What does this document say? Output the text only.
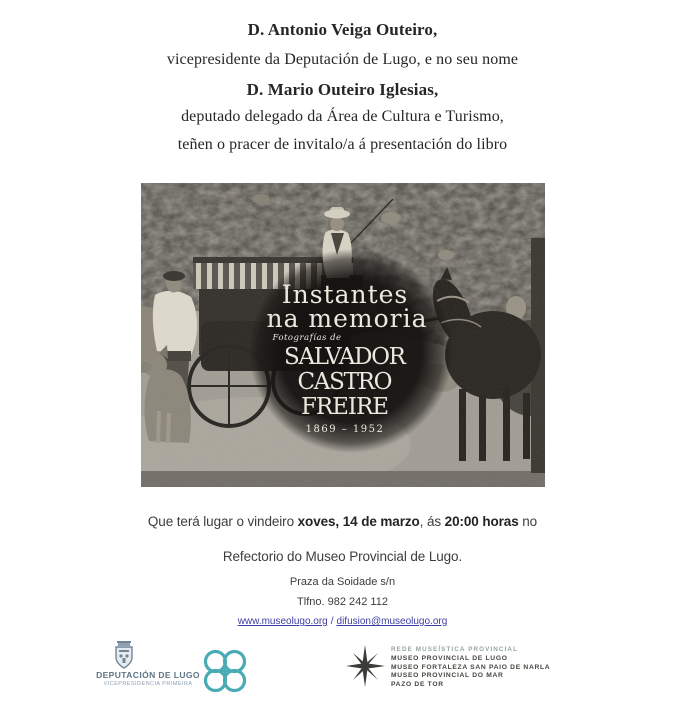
D. Antonio Veiga Outeiro,
vicepresidente da Deputación de Lugo, e no seu nome
D. Mario Outeiro Iglesias,
deputado delegado da Área de Cultura e Turismo,
teñen o pracer de invitalo/a á presentación do libro
Instantes
na memoria
Fotografías de
SALVADOR
CASTRO
FREIRE
1869 – 1952
Que terá lugar o vindeiro xoves, 14 de marzo, ás 20:00 horas no
Refectorio do Museo Provincial de Lugo.
Praza da Soidade s/n
Tlfno. 982 242 112
www.museolugo.org / difusion@museolugo.org
DEPUTACIÓN DE LUGO
VICEPRESIDENCIA PRIMEIRA
REDE MUSEÍSTICA PROVINCIAL
MUSEO PROVINCIAL DE LUGO
MUSEO FORTALEZA SAN PAIO DE NARLA
MUSEO PROVINCIAL DO MAR
PAZO DE TOR
